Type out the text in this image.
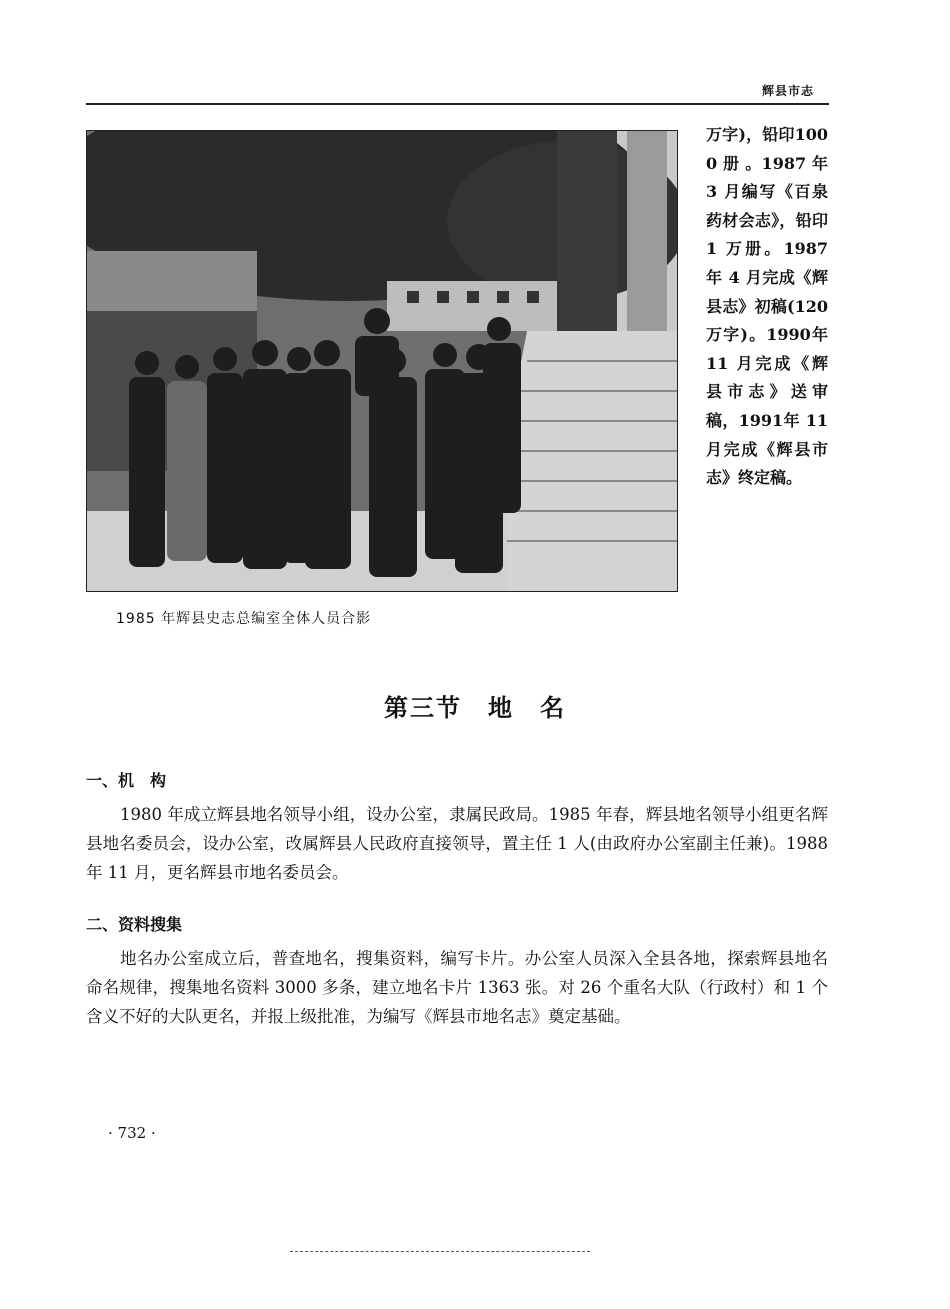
辉县市志
万字)，铅印1000 册 。1987 年 3 月编写《百泉药材会志》，铅印 1 万册。1987 年 4 月完成《辉县志》初稿(120万字)。1990年 11 月完成《辉县市志》送审稿，1991年 11 月完成《辉县市志》终定稿。
1985 年辉县史志总编室全体人员合影
第三节　地　名
一、机　构
1980 年成立辉县地名领导小组，设办公室，隶属民政局。1985 年春，辉县地名领导小组更名辉县地名委员会，设办公室，改属辉县人民政府直接领导，置主任 1 人(由政府办公室副主任兼)。1988 年 11 月，更名辉县市地名委员会。
二、资料搜集
地名办公室成立后，普查地名，搜集资料，编写卡片。办公室人员深入全县各地，探索辉县地名命名规律，搜集地名资料 3000 多条，建立地名卡片 1363 张。对 26 个重名大队（行政村）和 1 个含义不好的大队更名，并报上级批准，为编写《辉县市地名志》奠定基础。
· 732 ·
